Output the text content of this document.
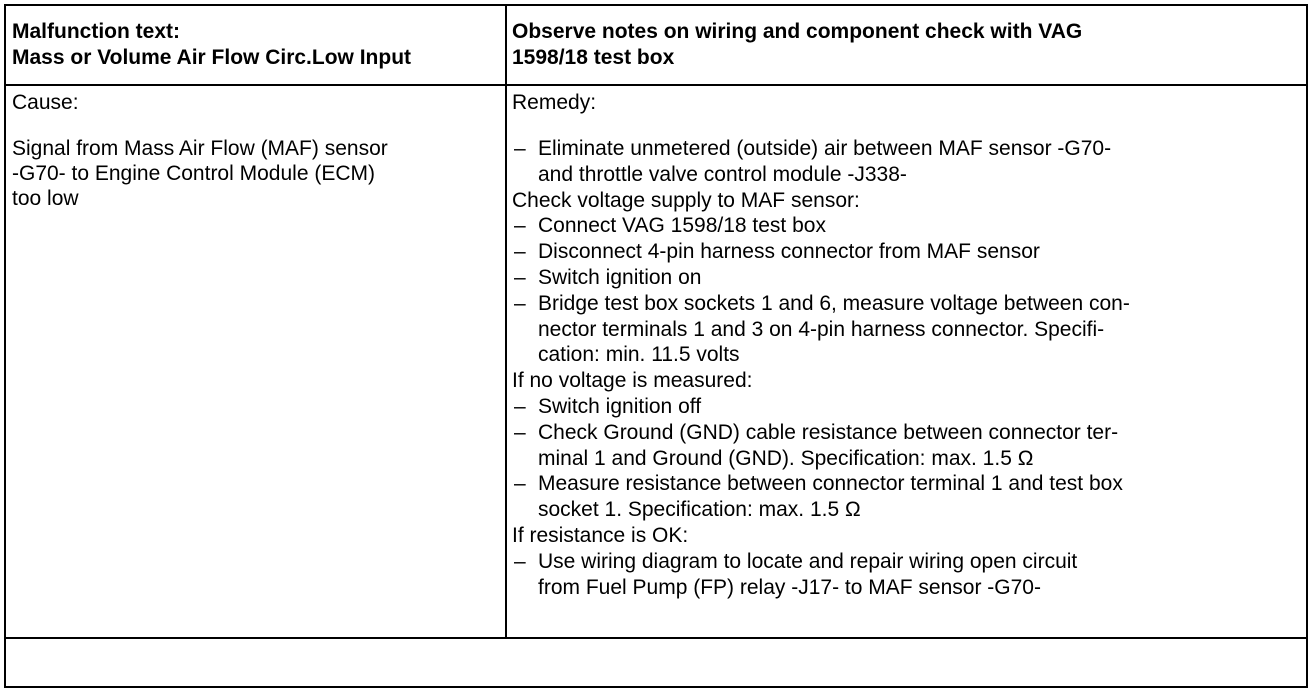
Malfunction text:
Mass or Volume Air Flow Circ.Low Input
Observe notes on wiring and component check with VAG
1598/18 test box
Cause:
Signal from Mass Air Flow (MAF) sensor
-G70- to Engine Control Module (ECM)
too low
Remedy:
– Eliminate unmetered (outside) air between MAF sensor -G70-
and throttle valve control module -J338-
Check voltage supply to MAF sensor:
– Connect VAG 1598/18 test box
– Disconnect 4-pin harness connector from MAF sensor
– Switch ignition on
– Bridge test box sockets 1 and 6, measure voltage between con-
nector terminals 1 and 3 on 4-pin harness connector. Specifi-
cation: min. 11.5 volts
If no voltage is measured:
– Switch ignition off
– Check Ground (GND) cable resistance between connector ter-
minal 1 and Ground (GND). Specification: max. 1.5 Ω
– Measure resistance between connector terminal 1 and test box
socket 1. Specification: max. 1.5 Ω
If resistance is OK:
– Use wiring diagram to locate and repair wiring open circuit
from Fuel Pump (FP) relay -J17- to MAF sensor -G70-
